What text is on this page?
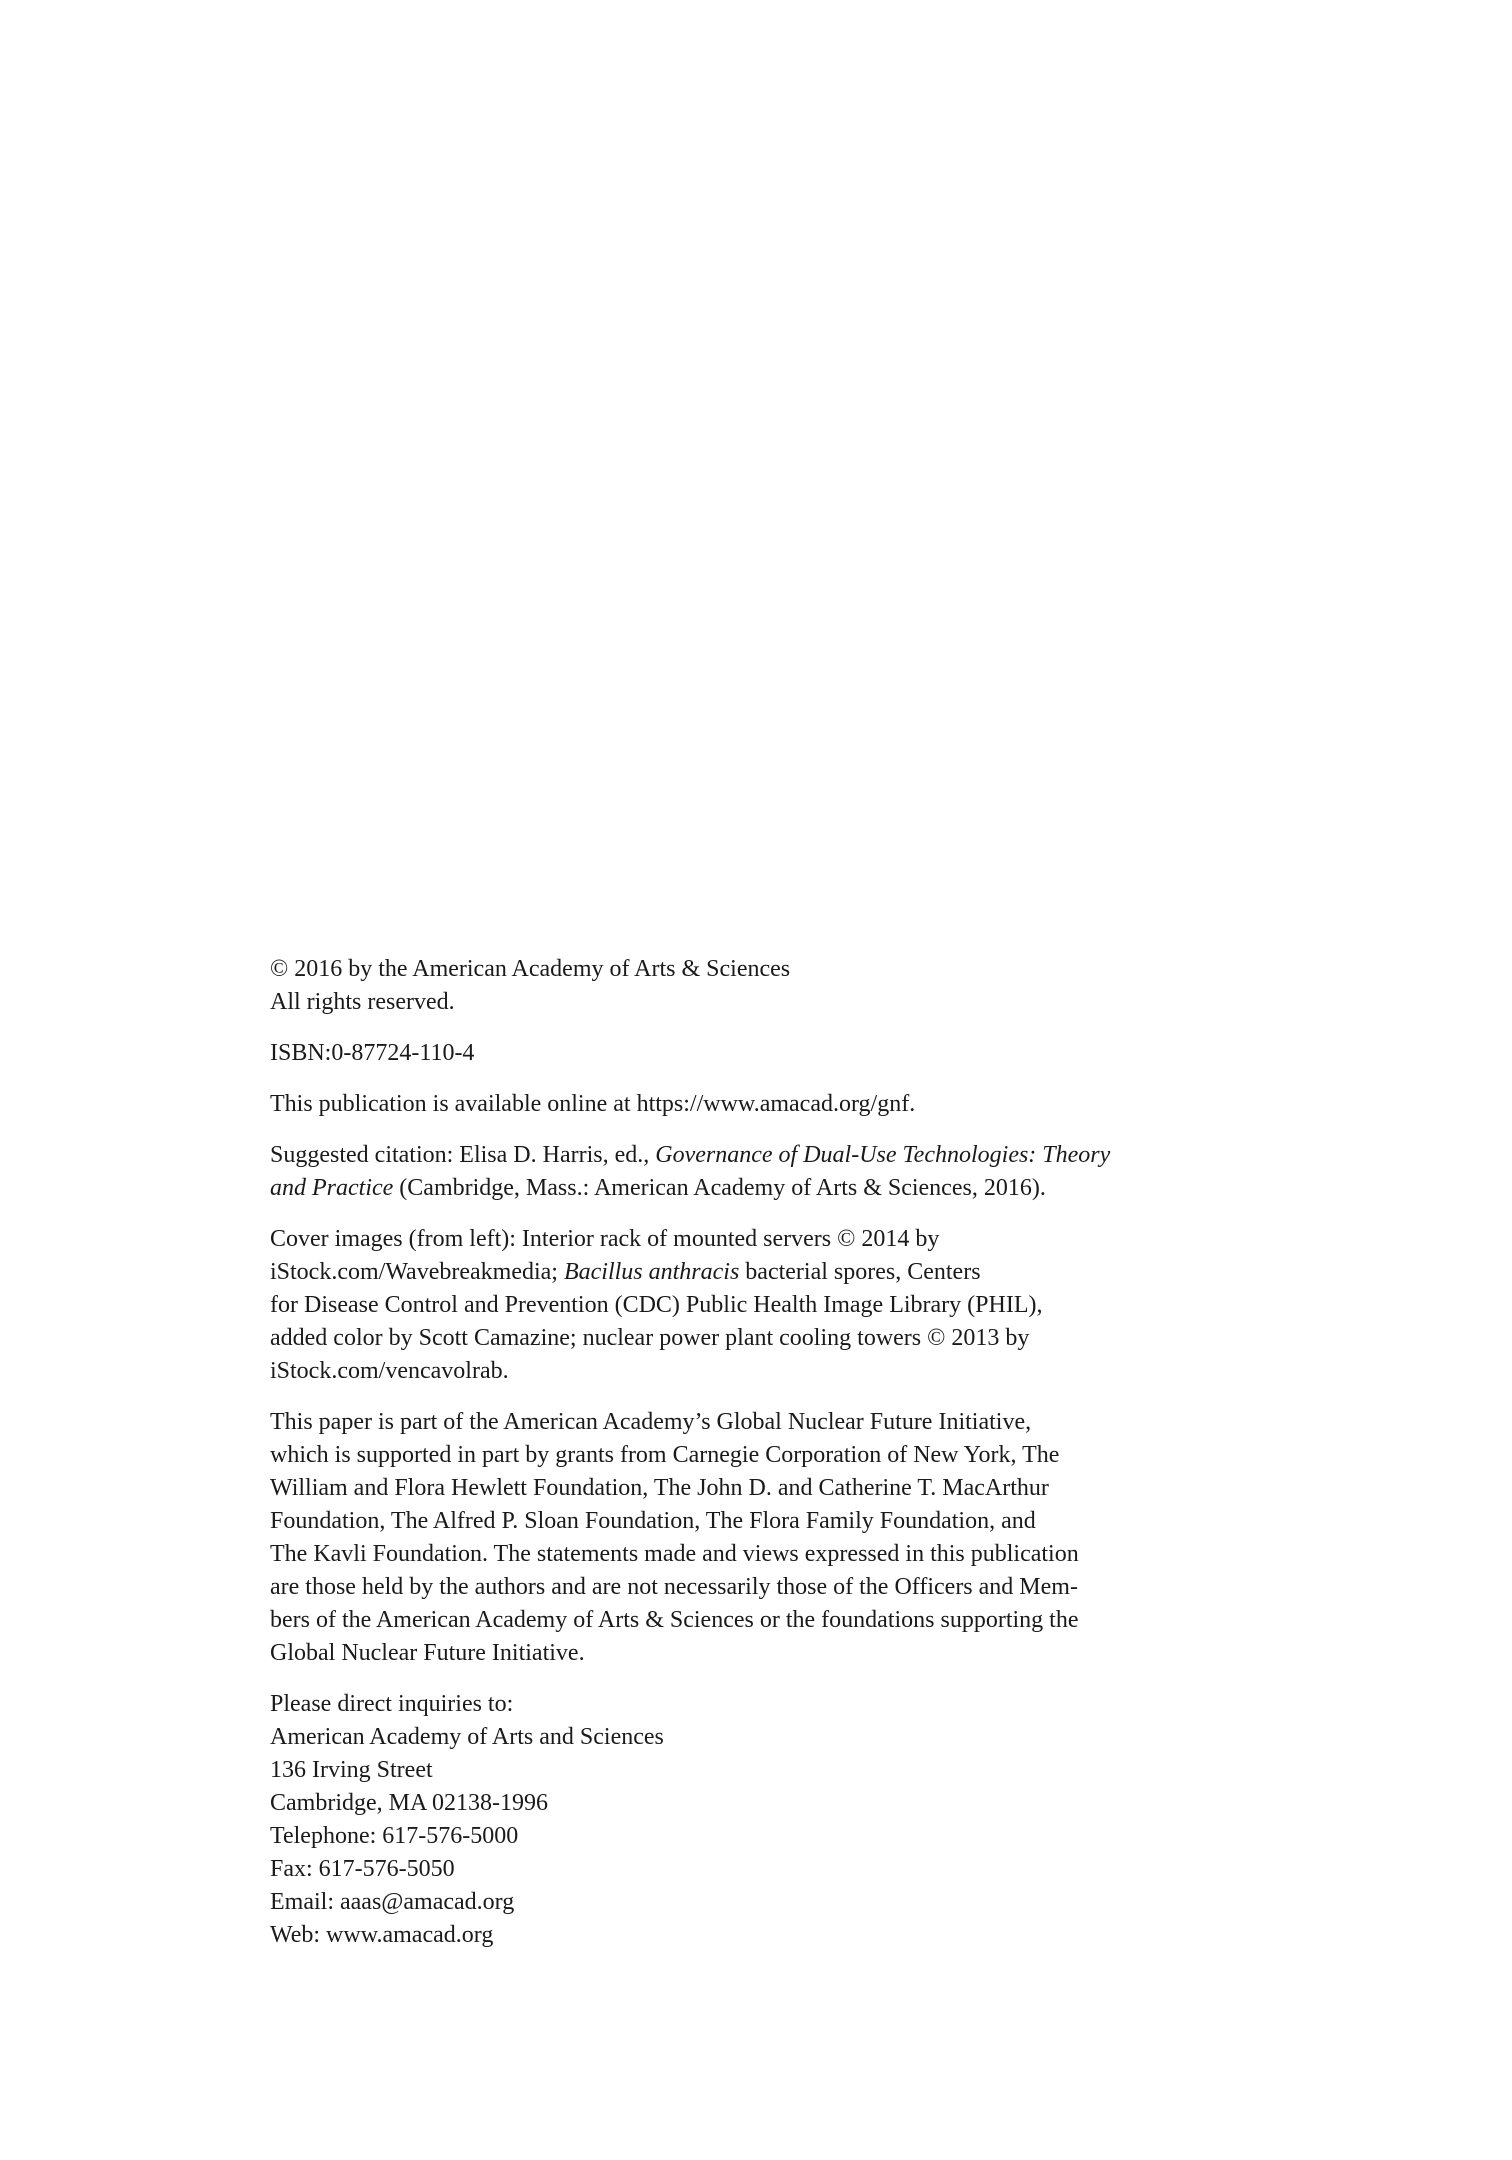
© 2016 by the American Academy of Arts & Sciences
All rights reserved.

ISBN:0-87724-110-4

This publication is available online at https://www.amacad.org/gnf.

Suggested citation: Elisa D. Harris, ed., Governance of Dual-Use Technologies: Theory
and Practice (Cambridge, Mass.: American Academy of Arts & Sciences, 2016).

Cover images (from left): Interior rack of mounted servers © 2014 by
iStock.com/Wavebreakmedia; Bacillus anthracis bacterial spores, Centers
for Disease Control and Prevention (CDC) Public Health Image Library (PHIL),
added color by Scott Camazine; nuclear power plant cooling towers © 2013 by
iStock.com/vencavolrab.

This paper is part of the American Academy’s Global Nuclear Future Initiative,
which is supported in part by grants from Carnegie Corporation of New York, The
William and Flora Hewlett Foundation, The John D. and Catherine T. MacArthur
Foundation, The Alfred P. Sloan Foundation, The Flora Family Foundation, and
The Kavli Foundation. The statements made and views expressed in this publication
are those held by the authors and are not necessarily those of the Officers and Mem-
bers of the American Academy of Arts & Sciences or the foundations supporting the
Global Nuclear Future Initiative.

Please direct inquiries to:
American Academy of Arts and Sciences
136 Irving Street
Cambridge, MA 02138-1996
Telephone: 617-576-5000
Fax: 617-576-5050
Email: aaas@amacad.org
Web: www.amacad.org
